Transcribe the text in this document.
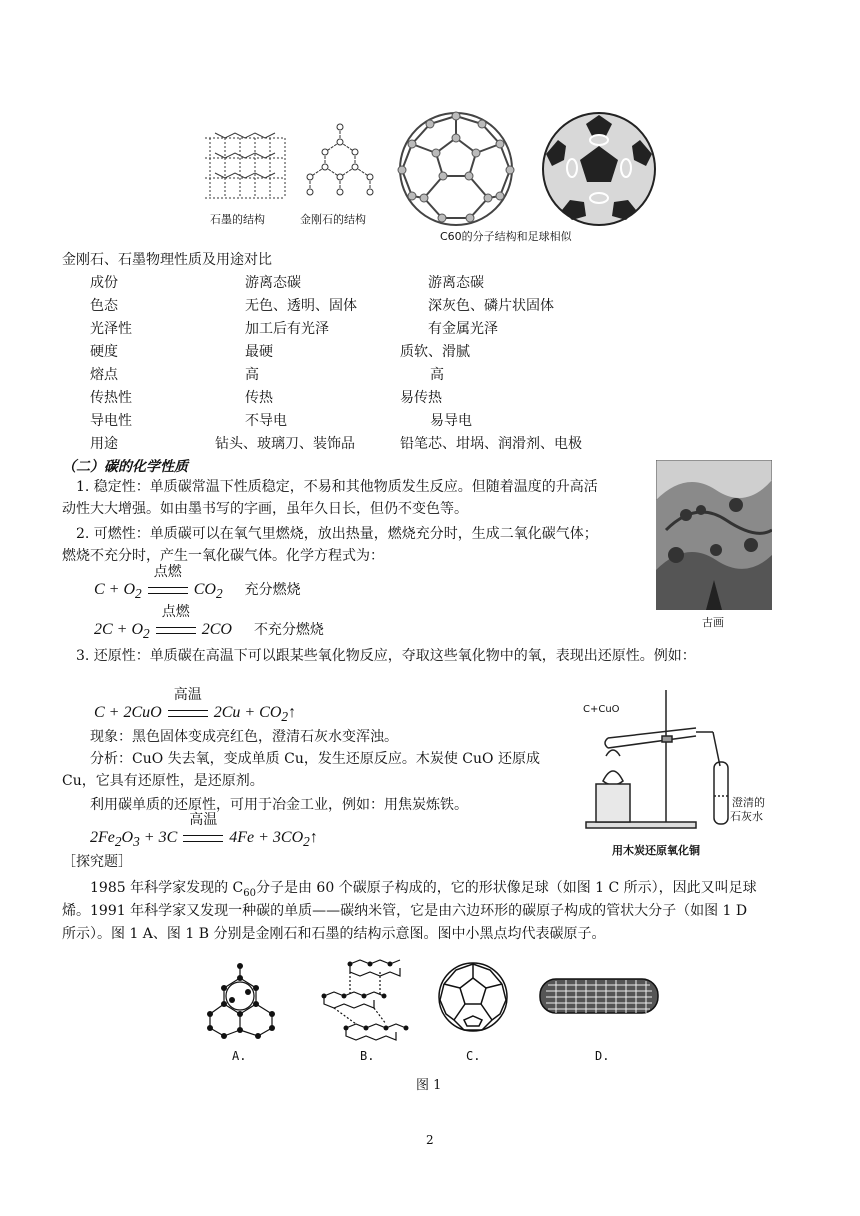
石墨的结构	金刚石的结构
C60的分子结构和足球相似
金刚石、石墨物理性质及用途对比
成份	游离态碳	游离态碳
色态	无色、透明、固体	深灰色、磷片状固体
光泽性	加工后有光泽	有金属光泽
硬度	最硬	质软、滑腻
熔点	高	高
传热性	传热	易传热
导电性	不导电	易导电
用途	钻头、玻璃刀、装饰品	铅笔芯、坩埚、润滑剂、电极
（二）碳的化学性质
1. 稳定性：单质碳常温下性质稳定，不易和其他物质发生反应。但随着温度的升高活
动性大大增强。如由墨书写的字画，虽年久日长，但仍不变色等。
2. 可燃性：单质碳可以在氧气里燃烧，放出热量，燃烧充分时，生成二氧化碳气体；
燃烧不充分时，产生一氧化碳气体。化学方程式为：
古画
$C + O_2$
点燃
$CO_2$ 充分燃烧
$2C + O_2$
点燃
2CO 不充分燃烧
3. 还原性：单质碳在高温下可以跟某些氧化物反应，夺取这些氧化物中的氧，表现出还原性。例如：
C + 2CuO
高温
$2Cu + CO_2↑$
现象：黑色固体变成亮红色，澄清石灰水变浑浊。
分析：CuO 失去氧，变成单质 Cu，发生还原反应。木炭使 CuO 还原成
Cu，它具有还原性，是还原剂。
利用碳单质的还原性，可用于冶金工业，例如：用焦炭炼铁。
$2Fe_2O_3 + 3C$
高温
$4Fe + 3CO_2↑$
C+CuO
澄清的
石灰水
用木炭还原氧化铜
［探究题］
1985 年科学家发现的 $C_{60}$分子是由 60 个碳原子构成的，它的形状像足球（如图 1 C 所示），因此又叫足球
烯。1991 年科学家又发现一种碳的单质——碳纳米管，它是由六边环形的碳原子构成的管状大分子（如图 1 D
所示）。图 1 A、图 1 B 分别是金刚石和石墨的结构示意图。图中小黑点均代表碳原子。
A.	B.	C.	D.
图 1
2
